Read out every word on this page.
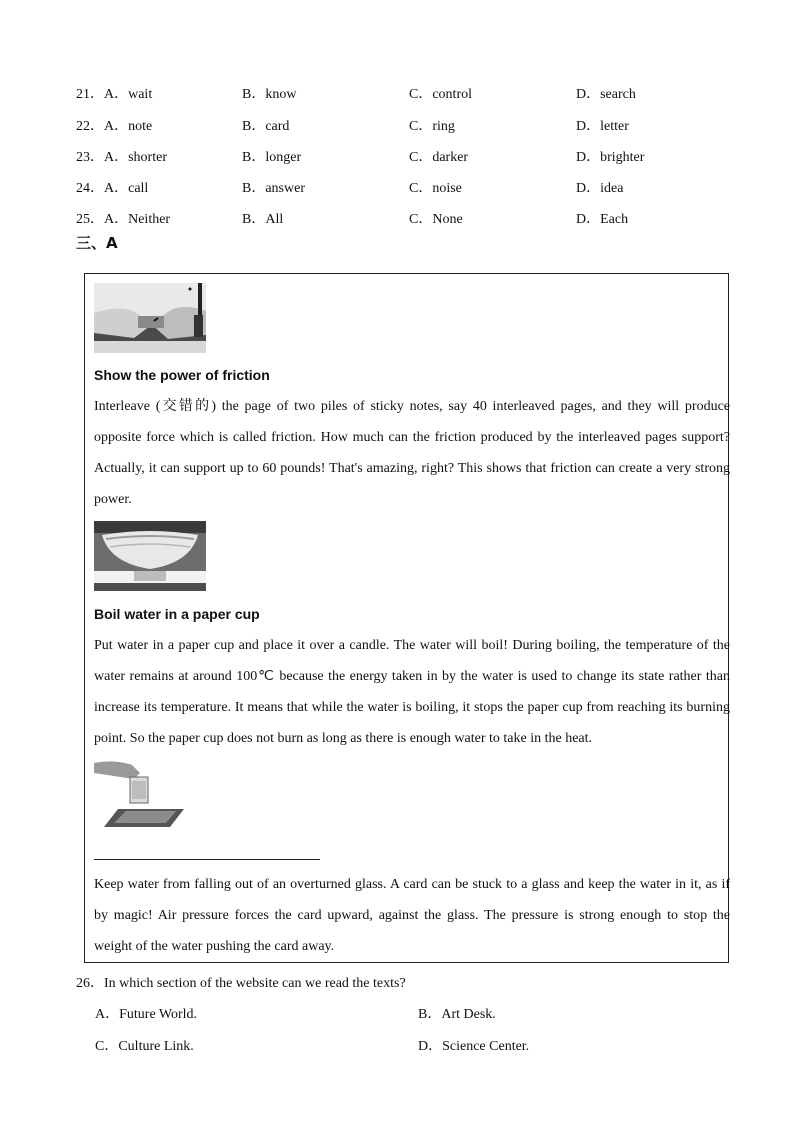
21． A．wait	B．know	C．control	D．search
22． A．note	B．card	C．ring	D．letter
23． A．shorter	B．longer	C．darker	D．brighter
24． A．call	B．answer	C．noise	D．idea
25． A．Neither	B．All	C．None	D．Each
三、A
Show the power of friction
Interleave (交错的) the page of two piles of sticky notes, say 40 interleaved pages, and they will produce opposite force which is called friction. How much can the friction produced by the interleaved pages support? Actually, it can support up to 60 pounds! That's amazing, right? This shows that friction can create a very strong power.
Boil water in a paper cup
Put water in a paper cup and place it over a candle. The water will boil! During boiling, the temperature of the water remains at around 100℃ because the energy taken in by the water is used to change its state rather than increase its temperature. It means that while the water is boiling, it stops the paper cup from reaching its burning point. So the paper cup does not burn as long as there is enough water to take in the heat.
Keep water from falling out of an overturned glass. A card can be stuck to a glass and keep the water in it, as if by magic! Air pressure forces the card upward, against the glass. The pressure is strong enough to stop the weight of the water pushing the card away.
26．In which section of the website can we read the texts?
A．Future World.	B．Art Desk.
C．Culture Link.	D．Science Center.
